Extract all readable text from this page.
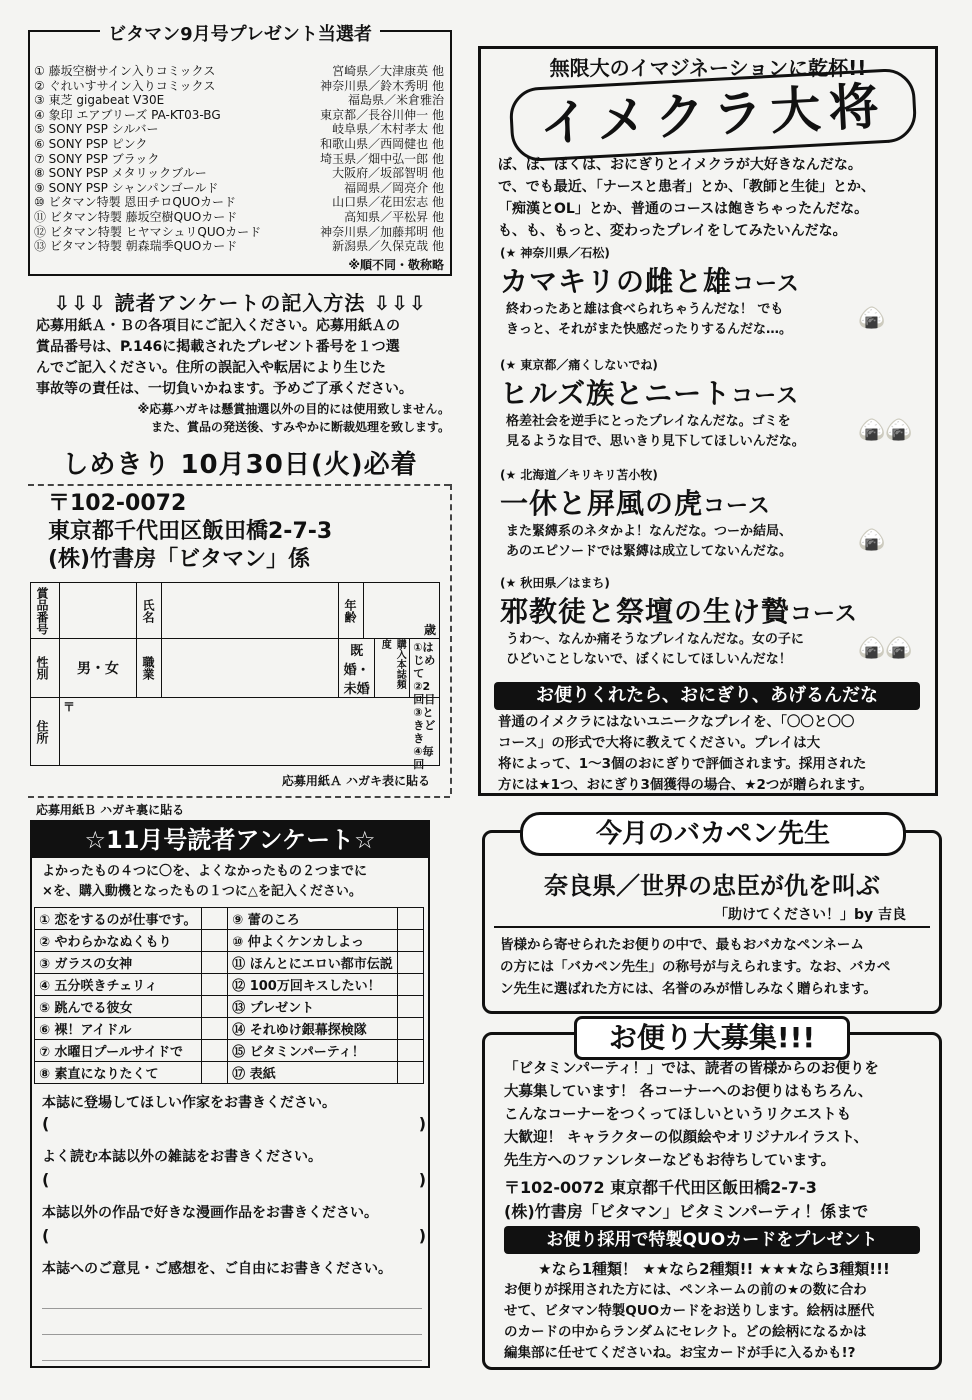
ビタマン9月号プレゼント当選者
① 藤坂空樹サイン入りコミックス	宮崎県／大津康英 他
② ぐれいすサイン入りコミックス	神奈川県／鈴木秀明 他
③ 東芝 gigabeat V30E	福島県／米倉雅治
④ 象印 エアブリーズ PA-KT03-BG	東京都／長谷川伸一 他
⑤ SONY PSP シルバー	岐阜県／木村孝太 他
⑥ SONY PSP ピンク	和歌山県／西岡健也 他
⑦ SONY PSP ブラック	埼玉県／畑中弘一郎 他
⑧ SONY PSP メタリックブルー	大阪府／坂部智明 他
⑨ SONY PSP シャンパンゴールド	福岡県／岡亮介 他
⑩ ビタマン特製 恩田チロQUOカード	山口県／花田宏志 他
⑪ ビタマン特製 藤坂空樹QUOカード	高知県／平松昇 他
⑫ ビタマン特製 ヒヤマシュリQUOカード	神奈川県／加藤邦明 他
⑬ ビタマン特製 朝森瑞季QUOカード	新潟県／久保克哉 他
※順不同・敬称略
⇩⇩⇩ 読者アンケートの記入方法 ⇩⇩⇩
応募用紙Ａ・Ｂの各項目にご記入ください。応募用紙Ａの
賞品番号は、P.146に掲載されたプレゼント番号を１つ選
んでご記入ください。住所の誤記入や転居により生じた
事故等の責任は、一切負いかねます。予めご了承ください。
※応募ハガキは懸賞抽選以外の目的には使用致しません。
また、賞品の発送後、すみやかに断裁処理を致します。
しめきり 10月30日(火)必着
〒102-0072
東京都千代田区飯田橋2-7-3
(株)竹書房「ビタマン」係
賞品番号		氏名		年齢	歳	

性別	男・女	職業		既婚・未婚		購入本誌頻度 ①はじめて
②2回目
③ときどき
④毎回

住所	〒					
応募用紙Ａ ハガキ表に貼る
応募用紙Ｂ ハガキ裏に貼る
☆11月号読者アンケート☆
よかったもの４つに〇を、よくなかったもの２つまでに
×を、購入動機となったもの１つに△を記入ください。
① 恋をするのが仕事です。		⑨ 蕾のころ	
② やわらかなぬくもり		⑩ 仲よくケンカしよっ	
③ ガラスの女神		⑪ ほんとにエロい都市伝説	
④ 五分咲きチェリィ		⑫ 100万回キスしたい！	
⑤ 跳んでる彼女		⑬ プレゼント	
⑥ 裸！アイドル		⑭ それゆけ銀幕探検隊	
⑦ 水曜日プールサイドで		⑮ ビタミンパーティ！	
⑧ 素直になりたくて		⑰ 表紙	
本誌に登場してほしい作家をお書きください。
(	)
よく読む本誌以外の雑誌をお書きください。
(	)
本誌以外の作品で好きな漫画作品をお書きください。
(	)
本誌へのご意見・ご感想を、ご自由にお書きください。
無限大のイマジネーションに乾杯!!
イメクラ大将
ぼ、ぼ、ぼくは、おにぎりとイメクラが大好きなんだな。
で、でも最近、「ナースと患者」とか、「教師と生徒」とか、
「痴漢とOL」とか、普通のコースは飽きちゃったんだな。
も、も、もっと、変わったプレイをしてみたいんだな。
(★ 神奈川県／石松)
カマキリの雌と雄コース
終わったあと雄は食べられちゃうんだな！ でも
きっと、それがまた快感だったりするんだな…。	🍙
(★ 東京都／痛くしないでね)
ヒルズ族とニートコース
格差社会を逆手にとったプレイなんだな。ゴミを
見るような目で、思いきり見下してほしいんだな。 🍙🍙
(★ 北海道／キリキリ苫小牧)
一休と屏風の虎コース
また緊縛系のネタかよ！なんだな。つーか結局、
あのエピソードでは緊縛は成立してないんだな。	🍙
(★ 秋田県／はまち)
邪教徒と祭壇の生け贄コース
うわ～、なんか痛そうなプレイなんだな。女の子に
ひどいことしないで、ぼくにしてほしいんだな！	🍙🍙
お便りくれたら、おにぎり、あげるんだな
普通のイメクラにはないユニークなプレイを、「〇〇と〇〇
コース」の形式で大将に教えてください。プレイは大
将によって、1～3個のおにぎりで評価されます。採用された
方には★1つ、おにぎり3個獲得の場合、★2つが贈られます。
今月のバカペン先生
奈良県／世界の忠臣が仇を叫ぶ
「助けてください！」by 吉良
皆様から寄せられたお便りの中で、最もおバカなペンネーム
の方には「バカペン先生」の称号が与えられます。なお、バカペ
ン先生に選ばれた方には、名誉のみが惜しみなく贈られます。
お便り大募集!!!
「ビタミンパーティ！」では、読者の皆様からのお便りを
大募集しています！ 各コーナーへのお便りはもちろん、
こんなコーナーをつくってほしいというリクエストも
大歓迎！ キャラクターの似顔絵やオリジナルイラスト、
先生方へのファンレターなどもお待ちしています。
〒102-0072 東京都千代田区飯田橋2-7-3
(株)竹書房「ビタマン」ビタミンパーティ！係まで
お便り採用で特製QUOカードをプレゼント
★なら1種類！ ★★なら2種類!! ★★★なら3種類!!!
お便りが採用された方には、ペンネームの前の★の数に合わ
せて、ビタマン特製QUOカードをお送りします。絵柄は歴代
のカードの中からランダムにセレクト。どの絵柄になるかは
編集部に任せてくださいね。お宝カードが手に入るかも!?
